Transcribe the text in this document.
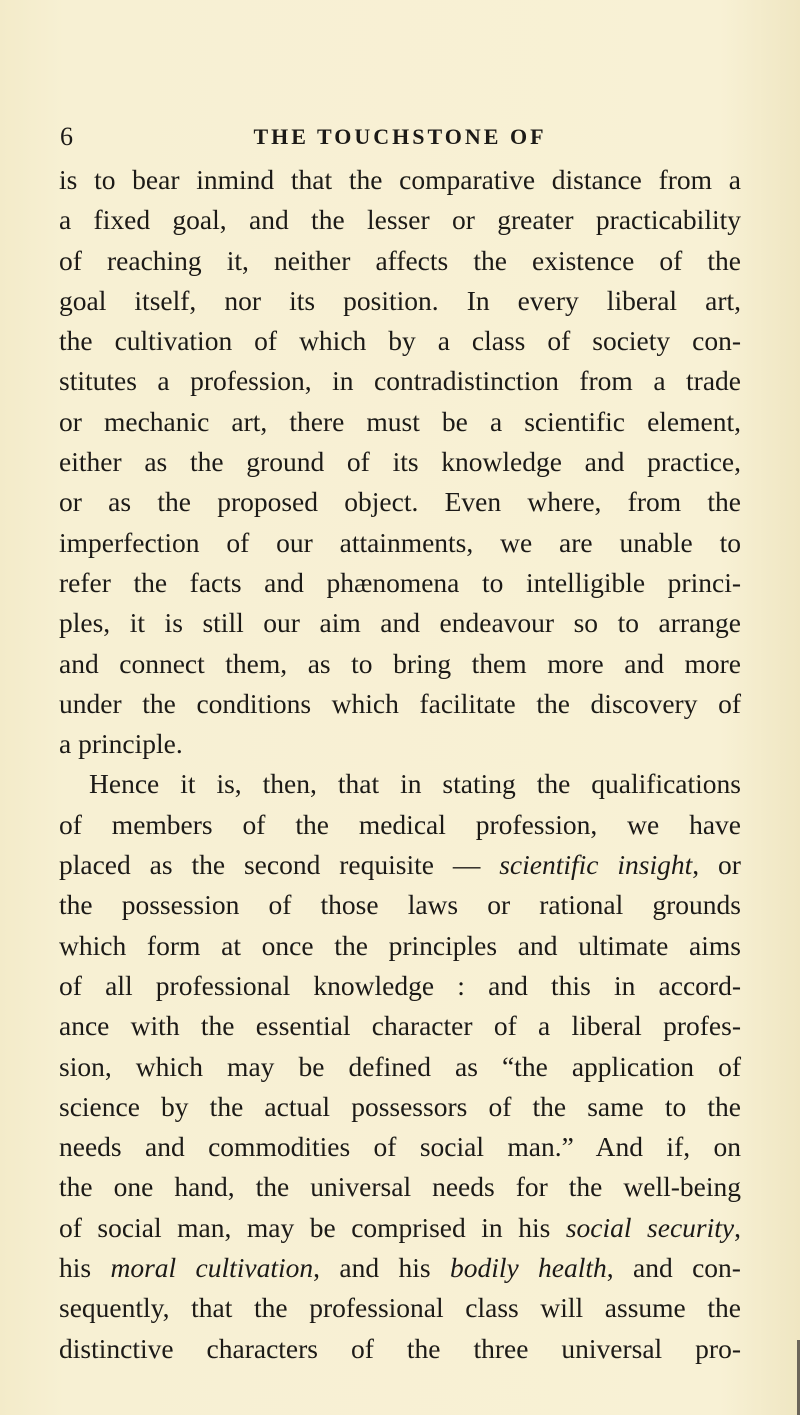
6	THE TOUCHSTONE OF
is to bear inmind that the comparative distance from a
a fixed goal, and the lesser or greater practicability
of reaching it, neither affects the existence of the
goal itself, nor its position. In every liberal art,
the cultivation of which by a class of society con-
stitutes a profession, in contradistinction from a trade
or mechanic art, there must be a scientific element,
either as the ground of its knowledge and practice,
or as the proposed object. Even where, from the
imperfection of our attainments, we are unable to
refer the facts and phænomena to intelligible princi-
ples, it is still our aim and endeavour so to arrange
and connect them, as to bring them more and more
under the conditions which facilitate the discovery of
a principle.
Hence it is, then, that in stating the qualifications
of members of the medical profession, we have
placed as the second requisite — scientific insight, or
the possession of those laws or rational grounds
which form at once the principles and ultimate aims
of all professional knowledge : and this in accord-
ance with the essential character of a liberal profes-
sion, which may be defined as “the application of
science by the actual possessors of the same to the
needs and commodities of social man.” And if, on
the one hand, the universal needs for the well-being
of social man, may be comprised in his social security,
his moral cultivation, and his bodily health, and con-
sequently, that the professional class will assume the
distinctive characters of the three universal pro-
